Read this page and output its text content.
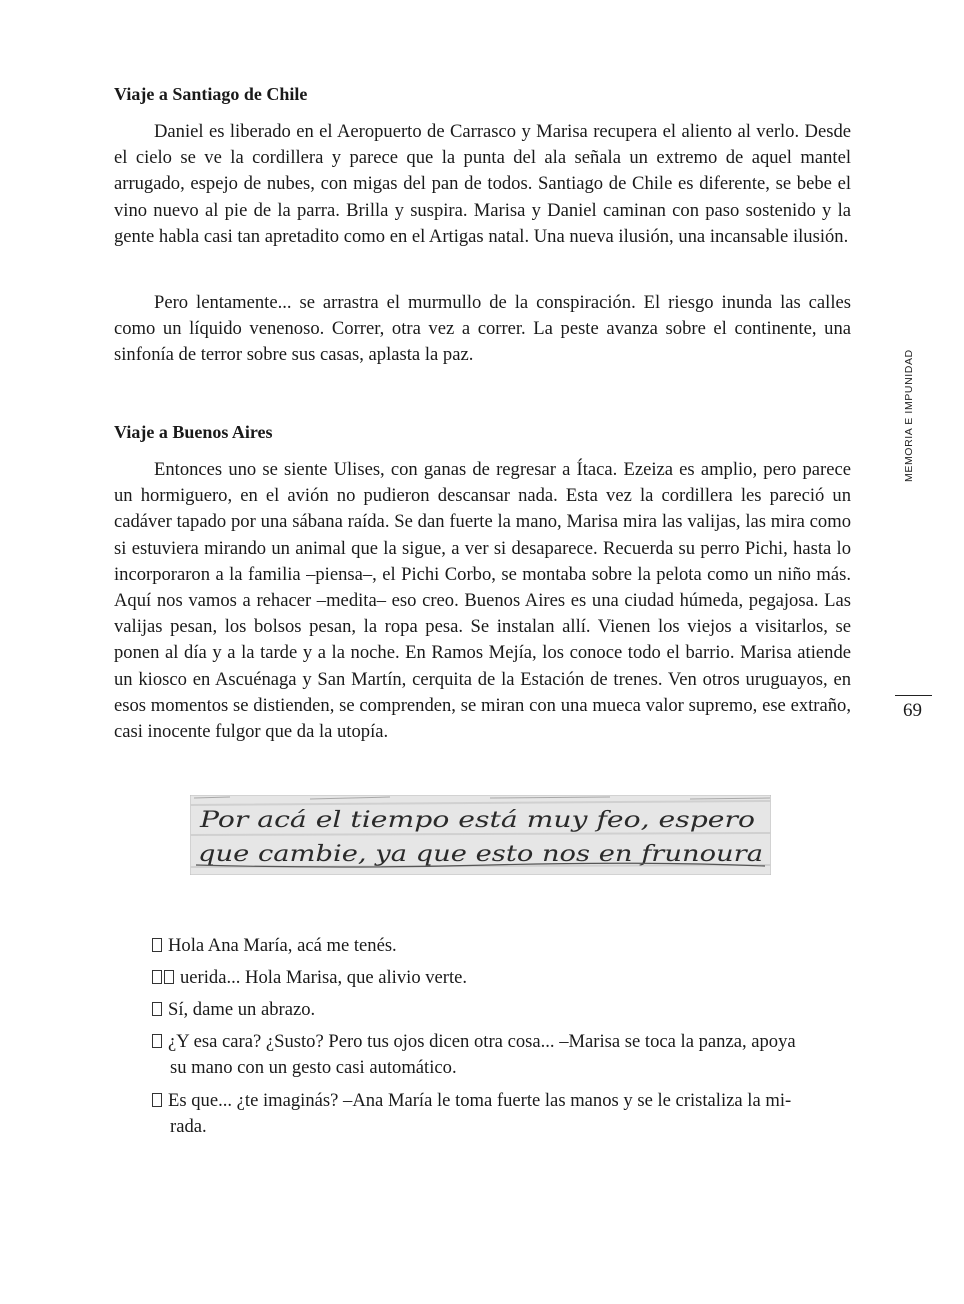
Viaje a Santiago de Chile

Daniel es liberado en el Aeropuerto de Carrasco y Marisa recupera el aliento al verlo. Desde el cielo se ve la cordillera y parece que la punta del ala señala un extremo de aquel mantel arrugado, espejo de nubes, con migas del pan de todos. Santiago de Chile es diferente, se bebe el vino nuevo al pie de la parra. Brilla y suspira. Marisa y Daniel caminan con paso sostenido y la gente habla casi tan apretadito como en el Artigas natal. Una nueva ilusión, una incansable ilusión.

Pero lentamente... se arrastra el murmullo de la conspiración. El riesgo inunda las calles como un líquido venenoso. Correr, otra vez a correr. La peste avanza sobre el continente, una sinfonía de terror sobre sus casas, aplasta la paz.

Viaje a Buenos Aires

Entonces uno se siente Ulises, con ganas de regresar a Ítaca. Ezeiza es amplio, pero parece un hormiguero, en el avión no pudieron descansar nada. Esta vez la cordillera les pareció un cadáver tapado por una sábana raída. Se dan fuerte la mano, Marisa mira las valijas, las mira como si estuviera mirando un animal que la sigue, a ver si desaparece. Recuerda su perro Pichi, hasta lo incorporaron a la familia –piensa–, el Pichi Corbo, se montaba sobre la pelota como un niño más. Aquí nos vamos a rehacer –medita– eso creo. Buenos Aires es una ciudad húmeda, pegajosa. Las valijas pesan, los bolsos pesan, la ropa pesa. Se instalan allí. Vienen los viejos a visitarlos, se ponen al día y a la tarde y a la noche. En Ramos Mejía, los conoce todo el barrio. Marisa atiende un kiosco en Ascuénaga y San Martín, cerquita de la Estación de trenes. Ven otros uruguayos, en esos momentos se distienden, se comprenden, se miran con una mueca valor supremo, ese extraño, casi inocente fulgor que da la utopía.

MEMORIA E IMPUNIDAD
69
Por acá el tiempo está muy feo, espero
que cambie, ya que esto nos en frunoura

Hola Ana María, acá me tenés.

uerida... Hola Marisa, que alivio verte.

Sí, dame un abrazo.

¿Y esa cara? ¿Susto? Pero tus ojos dicen otra cosa... –Marisa se toca la panza, apoya
su mano con un gesto casi automático.

Es que... ¿te imaginás? –Ana María le toma fuerte las manos y se le cristaliza la mi-
rada.
